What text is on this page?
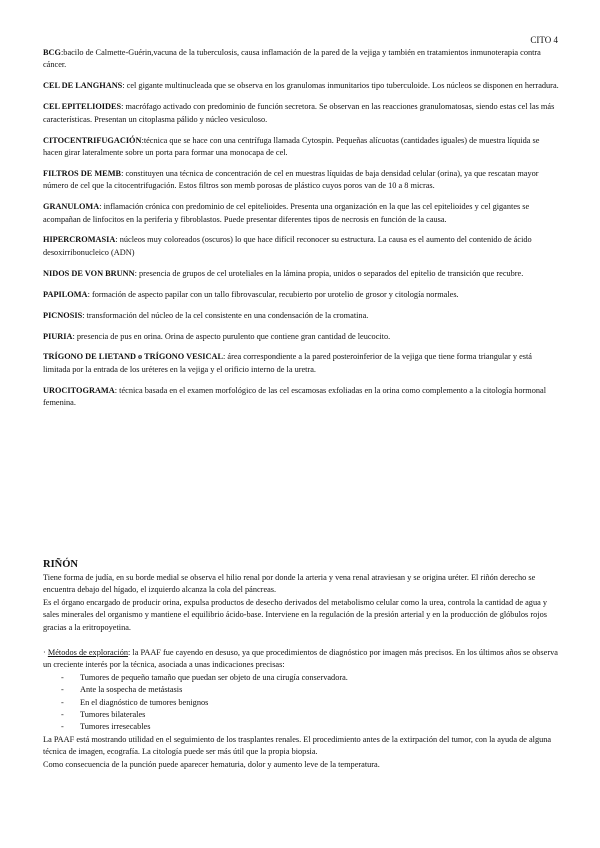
CITO 4

BCG:bacilo de Calmette-Guérin,vacuna de la tuberculosis, causa inflamación de la pared de la vejiga y también en tratamientos inmunoterapia contra cáncer.

CEL DE LANGHANS: cel gigante multinucleada que se observa en los granulomas inmunitarios tipo tuberculoide. Los núcleos se disponen en herradura.

CEL EPITELIOIDES: macrófago activado con predominio de función secretora. Se observan en las reacciones granulomatosas, siendo estas cel las más características. Presentan un citoplasma pálido y núcleo vesiculoso.

CITOCENTRIFUGACIÓN:técnica que se hace con una centrífuga llamada Cytospin. Pequeñas alícuotas (cantidades iguales) de muestra líquida se hacen girar lateralmente sobre un porta para formar una monocapa de cel.

FILTROS DE MEMB: constituyen una técnica de concentración de cel en muestras líquidas de baja densidad celular (orina), ya que rescatan mayor número de cel que la citocentrifugación. Estos filtros son memb porosas de plástico cuyos poros van de 10 a 8 micras.

GRANULOMA: inflamación crónica con predominio de cel epitelioides. Presenta una organización en la que las cel epitelioides y cel gigantes se acompañan de linfocitos en la periferia y fibroblastos. Puede presentar diferentes tipos de necrosis en función de la causa.

HIPERCROMASIA: núcleos muy coloreados (oscuros) lo que hace difícil reconocer su estructura. La causa es el aumento del contenido de ácido desoxirribonucleico (ADN)

NIDOS DE VON BRUNN: presencia de grupos de cel uroteliales en la lámina propia, unidos o separados del epitelio de transición que recubre.

PAPILOMA: formación de aspecto papilar con un tallo fibrovascular, recubierto por urotelio de grosor y citología normales.

PICNOSIS: transformación del núcleo de la cel consistente en una condensación de la cromatina.

PIURIA: presencia de pus en orina. Orina de aspecto purulento que contiene gran cantidad de leucocito.

TRÍGONO DE LIETAND o TRÍGONO VESICAL: área correspondiente a la pared posteroinferior de la vejiga que tiene forma triangular y está limitada por la entrada de los uréteres en la vejiga y el orificio interno de la uretra.

UROCITOGRAMA: técnica basada en el examen morfológico de las cel escamosas exfoliadas en la orina como complemento a la citología hormonal femenina.

RIÑÓN

Tiene forma de judía, en su borde medial se observa el hilio renal por donde la arteria y vena renal atraviesan y se origina uréter. El riñón derecho se encuentra debajo del hígado, el izquierdo alcanza la cola del páncreas.

Es el órgano encargado de producir orina, expulsa productos de desecho derivados del metabolismo celular como la urea, controla la cantidad de agua y sales minerales del organismo y mantiene el equilibrio ácido-base. Interviene en la regulación de la presión arterial y en la producción de glóbulos rojos gracias a la eritropoyetina.

· Métodos de exploración: la PAAF fue cayendo en desuso, ya que procedimientos de diagnóstico por imagen más precisos. En los últimos años se observa un creciente interés por la técnica, asociada a unas indicaciones precisas:

- Tumores de pequeño tamaño que puedan ser objeto de una cirugía conservadora.
- Ante la sospecha de metástasis
- En el diagnóstico de tumores benignos
- Tumores bilaterales
- Tumores irresecables

La PAAF está mostrando utilidad en el seguimiento de los trasplantes renales. El procedimiento antes de la extirpación del tumor, con la ayuda de alguna técnica de imagen, ecografía. La citología puede ser más útil que la propia biopsia.

Como consecuencia de la punción puede aparecer hematuria, dolor y aumento leve de la temperatura.
